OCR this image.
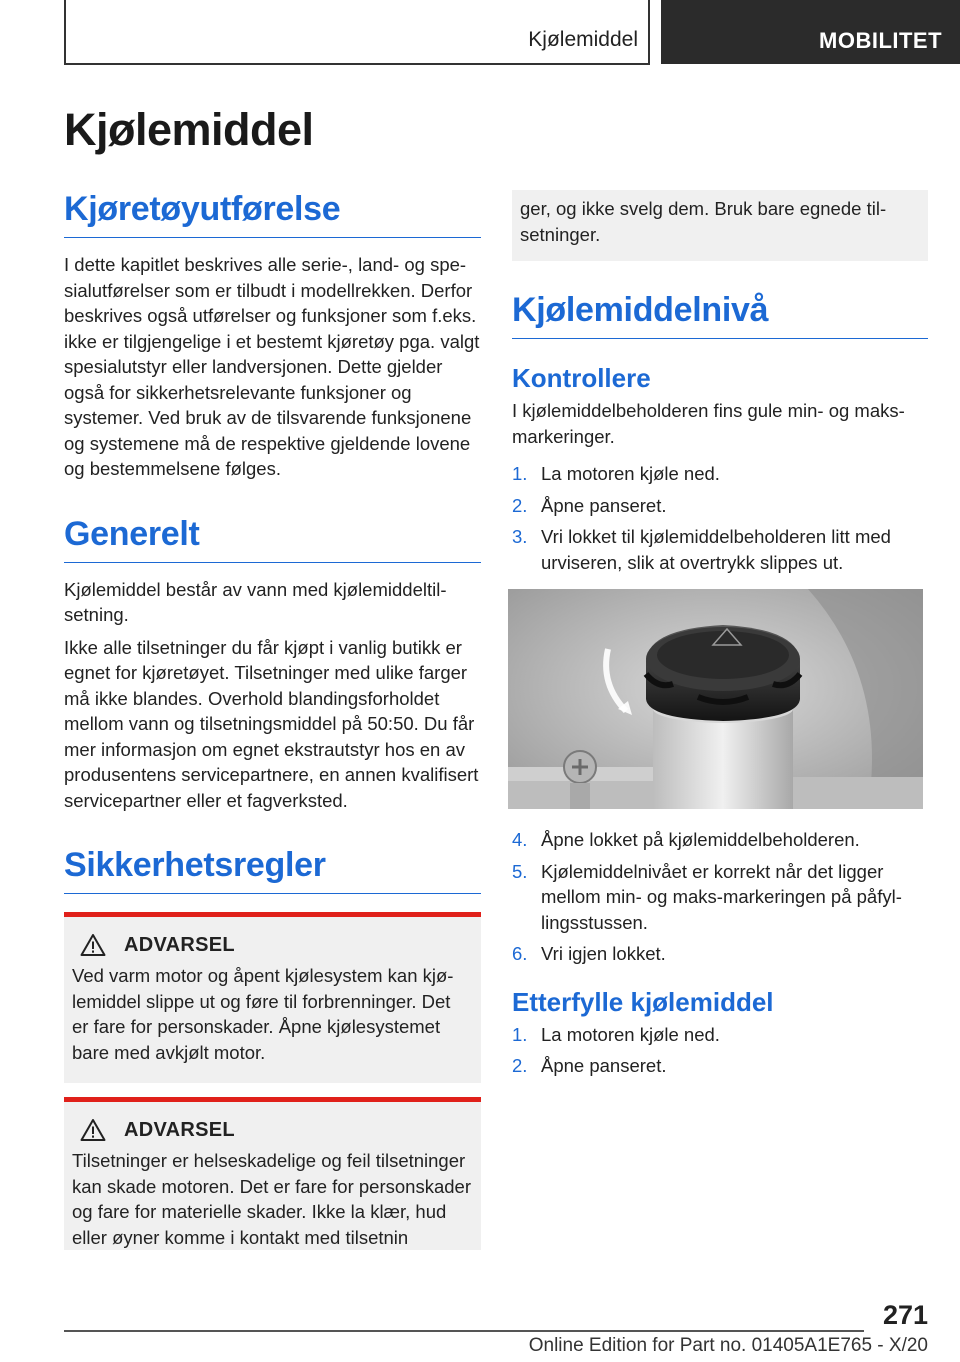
Kjølemiddel	MOBILITET
Kjølemiddel
Kjøretøyutførelse

I dette kapitlet beskrives alle serie-, land- og spesialutførelser som er tilbudt i modellrekken. Derfor beskrives også utførelser og funksjoner som f.eks. ikke er tilgjengelige i et bestemt kjøretøy pga. valgt spesialutstyr eller landversjonen. Dette gjelder også for sikkerhetsrelevante funksjoner og systemer. Ved bruk av de tilsvarende funksjonene og systemene må de respektive gjeldende lovene og bestemmelsene følges.

Generelt

Kjølemiddel består av vann med kjølemiddeltilsetning.

Ikke alle tilsetninger du får kjøpt i vanlig butikk er egnet for kjøretøyet. Tilsetninger med ulike farger må ikke blandes. Overhold blandingsforholdet mellom vann og tilsetningsmiddel på 50:50. Du får mer informasjon om egnet ekstrautstyr hos en av produsentens servicepartnere, en annen kvalifisert servicepartner eller et fagverksted.

Sikkerhetsregler
ADVARSEL

Ved varm motor og åpent kjølesystem kan kjølemiddel slippe ut og føre til forbrenninger. Det er fare for personskader. Åpne kjølesystemet bare med avkjølt motor.

ADVARSEL

Tilsetninger er helseskadelige og feil tilsetninger kan skade motoren. Det er fare for personskader og fare for materielle skader. Ikke la klær, hud eller øyner komme i kontakt med tilsetnin

ger, og ikke svelg dem. Bruk bare egnede tilsetninger.

Kjølemiddelnivå
Kontrollere

I kjølemiddelbeholderen fins gule min- og maks-markeringer.

1. La motoren kjøle ned.
2. Åpne panseret.
3. Vri lokket til kjølemiddelbeholderen litt med urviseren, slik at overtrykk slippes ut.
4. Åpne lokket på kjølemiddelbeholderen.
5. Kjølemiddelnivået er korrekt når det ligger mellom min- og maks-markeringen på påfyllingsstussen.
6. Vri igjen lokket.
Etterfylle kjølemiddel
1. La motoren kjøle ned.
2. Åpne panseret.
271
Online Edition for Part no. 01405A1E765 - X/20
